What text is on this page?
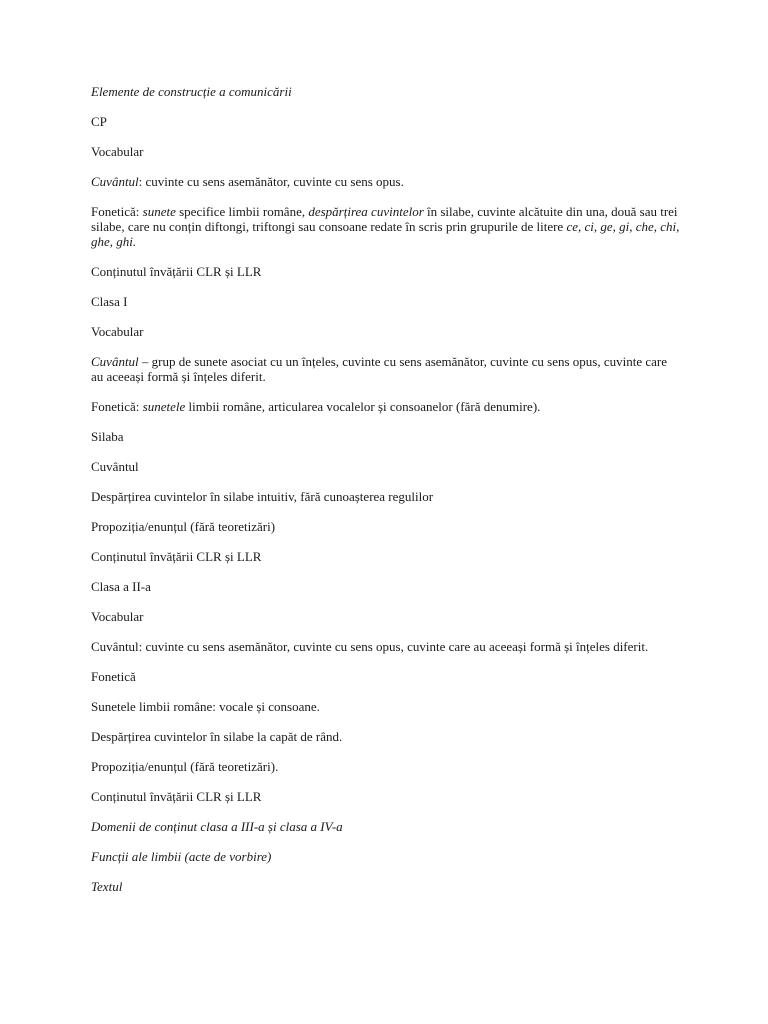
Elemente de construcție a comunicării

CP

Vocabular

Cuvântul: cuvinte cu sens asemănător, cuvinte cu sens opus.

Fonetică: sunete specifice limbii române, despărțirea cuvintelor în silabe, cuvinte alcătuite din una, două sau trei silabe, care nu conțin diftongi, triftongi sau consoane redate în scris prin grupurile de litere ce, ci, ge, gi, che, chi, ghe, ghi.

Conținutul învățării CLR și LLR

Clasa I

Vocabular

Cuvântul – grup de sunete asociat cu un înțeles, cuvinte cu sens asemănător, cuvinte cu sens opus, cuvinte care au aceeași formă și înțeles diferit.

Fonetică: sunetele limbii române, articularea vocalelor și consoanelor (fără denumire).

Silaba

Cuvântul

Despărțirea cuvintelor în silabe intuitiv, fără cunoașterea regulilor

Propoziția/enunțul (fără teoretizări)

Conținutul învățării CLR și LLR

Clasa a II-a

Vocabular

Cuvântul: cuvinte cu sens asemănător, cuvinte cu sens opus, cuvinte care au aceeași formă și înțeles diferit.

Fonetică

Sunetele limbii române: vocale și consoane.

Despărțirea cuvintelor în silabe la capăt de rând.

Propoziția/enunțul (fără teoretizări).

Conținutul învățării CLR și LLR

Domenii de conținut clasa a III-a și clasa a IV-a

Funcții ale limbii (acte de vorbire)

Textul
